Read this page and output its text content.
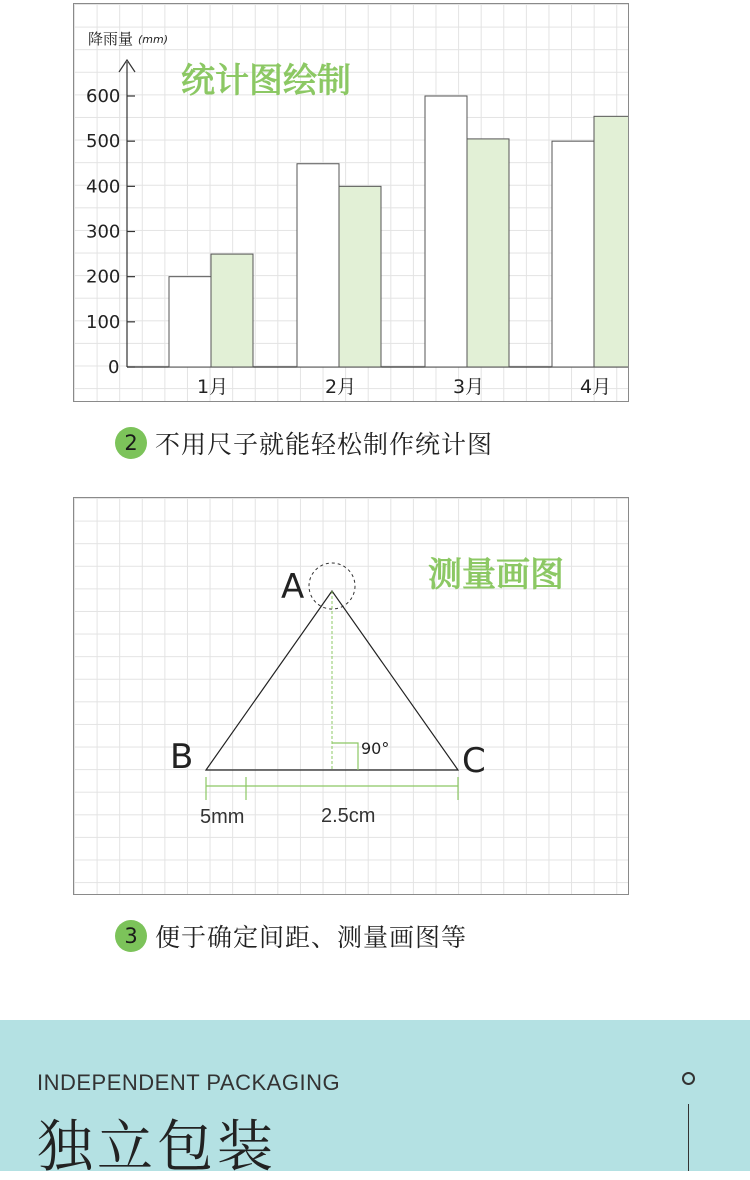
降雨量 (mm)
统计图绘制
0
100
200
300
400
500
600
1月	2月	3月	4月
2 不用尺子就能轻松制作统计图
测量画图
90°
A
B	C
5mm	2.5cm
3 便于确定间距、测量画图等
INDEPENDENT PACKAGING
独立包装
